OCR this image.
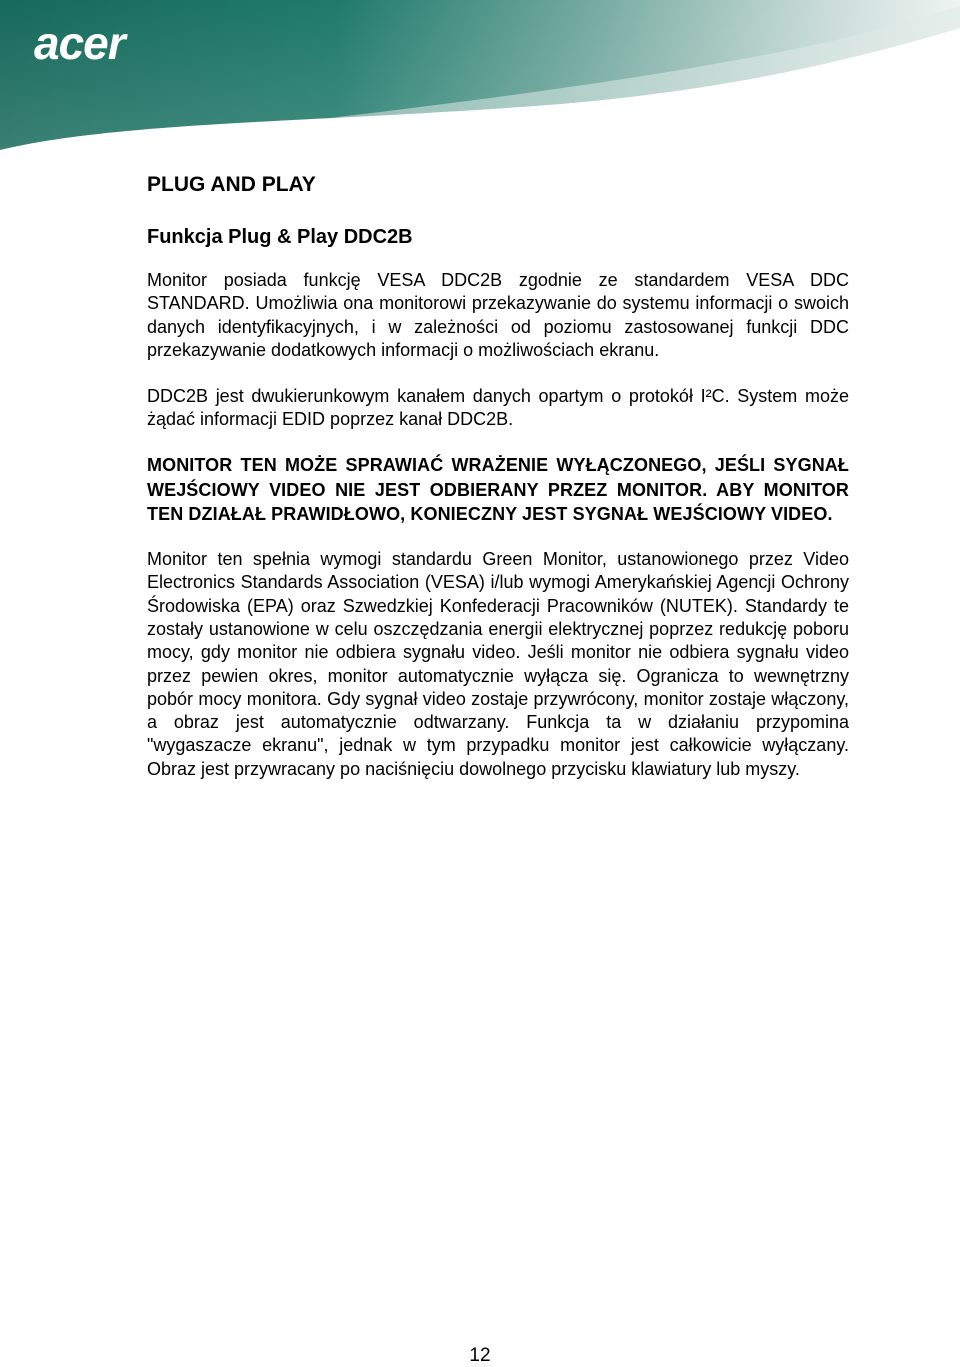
acer
PLUG AND PLAY
Funkcja Plug & Play DDC2B

Monitor posiada funkcję VESA DDC2B zgodnie ze standardem VESA DDC STANDARD. Umożliwia ona monitorowi przekazywanie do systemu informacji o swoich danych identyfikacyjnych, i w zależności od poziomu zastosowanej funkcji DDC przekazywanie dodatkowych informacji o możliwościach ekranu.

DDC2B jest dwukierunkowym kanałem danych opartym o protokół I²C. System może żądać informacji EDID poprzez kanał DDC2B.

MONITOR TEN MOŻE SPRAWIAĆ WRAŻENIE WYŁĄCZONEGO, JEŚLI SYGNAŁ WEJŚCIOWY VIDEO NIE JEST ODBIERANY PRZEZ MONITOR. ABY MONITOR TEN DZIAŁAŁ PRAWIDŁOWO, KONIECZNY JEST SYGNAŁ WEJŚCIOWY VIDEO.

Monitor ten spełnia wymogi standardu Green Monitor, ustanowionego przez Video Electronics Standards Association (VESA) i/lub wymogi Amerykańskiej Agencji Ochrony Środowiska (EPA) oraz Szwedzkiej Konfederacji Pracowników (NUTEK). Standardy te zostały ustanowione w celu oszczędzania energii elektrycznej poprzez redukcję poboru mocy, gdy monitor nie odbiera sygnału video. Jeśli monitor nie odbiera sygnału video przez pewien okres, monitor automatycznie wyłącza się. Ogranicza to wewnętrzny pobór mocy monitora. Gdy sygnał video zostaje przywrócony, monitor zostaje włączony, a obraz jest automatycznie odtwarzany. Funkcja ta w działaniu przypomina "wygaszacze ekranu", jednak w tym przypadku monitor jest całkowicie wyłączany. Obraz jest przywracany po naciśnięciu dowolnego przycisku klawiatury lub myszy.

12
